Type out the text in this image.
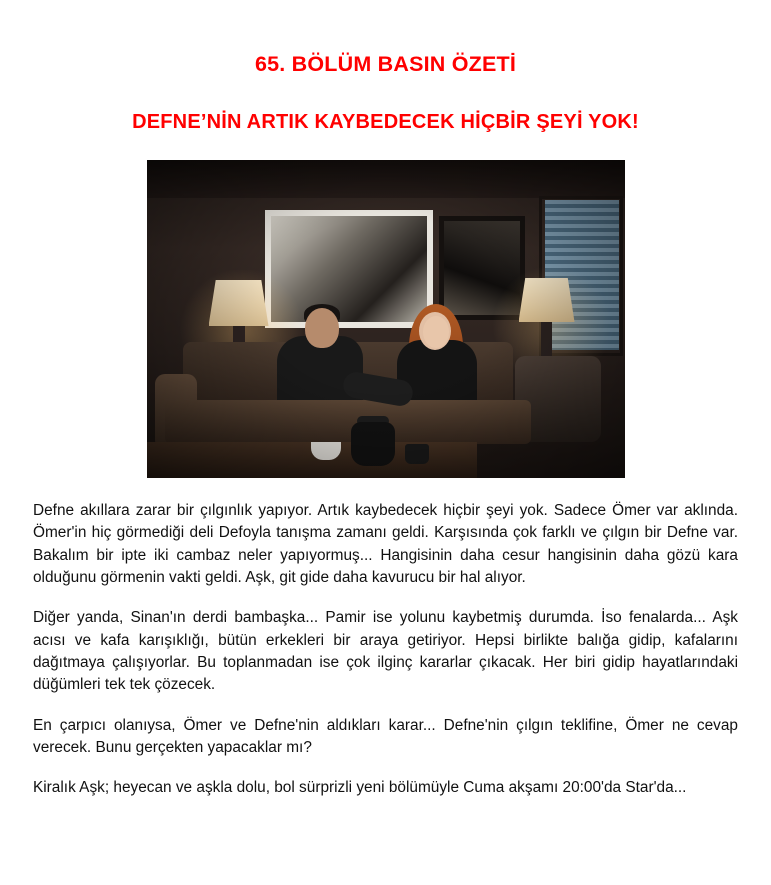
65. BÖLÜM BASIN ÖZETİ
DEFNE’NİN ARTIK KAYBEDECEK HİÇBİR ŞEYİ YOK!

Defne akıllara zarar bir çılgınlık yapıyor. Artık kaybedecek hiçbir şeyi yok. Sadece Ömer var aklında. Ömer'in hiç görmediği deli Defoyla tanışma zamanı geldi. Karşısında çok farklı ve çılgın bir Defne var. Bakalım bir ipte iki cambaz neler yapıyormuş... Hangisinin daha cesur hangisinin daha gözü kara olduğunu görmenin vakti geldi. Aşk, git gide daha kavurucu bir hal alıyor.

Diğer yanda, Sinan'ın derdi bambaşka... Pamir ise yolunu kaybetmiş durumda. İso fenalarda... Aşk acısı ve kafa karışıklığı, bütün erkekleri bir araya getiriyor. Hepsi birlikte balığa gidip, kafalarını dağıtmaya çalışıyorlar. Bu toplanmadan ise çok ilginç kararlar çıkacak. Her biri gidip hayatlarındaki düğümleri tek tek çözecek.

En çarpıcı olanıysa, Ömer ve Defne'nin aldıkları karar... Defne'nin çılgın teklifine, Ömer ne cevap verecek. Bunu gerçekten yapacaklar mı?

Kiralık Aşk; heyecan ve aşkla dolu, bol sürprizli yeni bölümüyle Cuma akşamı 20:00'da Star'da...
